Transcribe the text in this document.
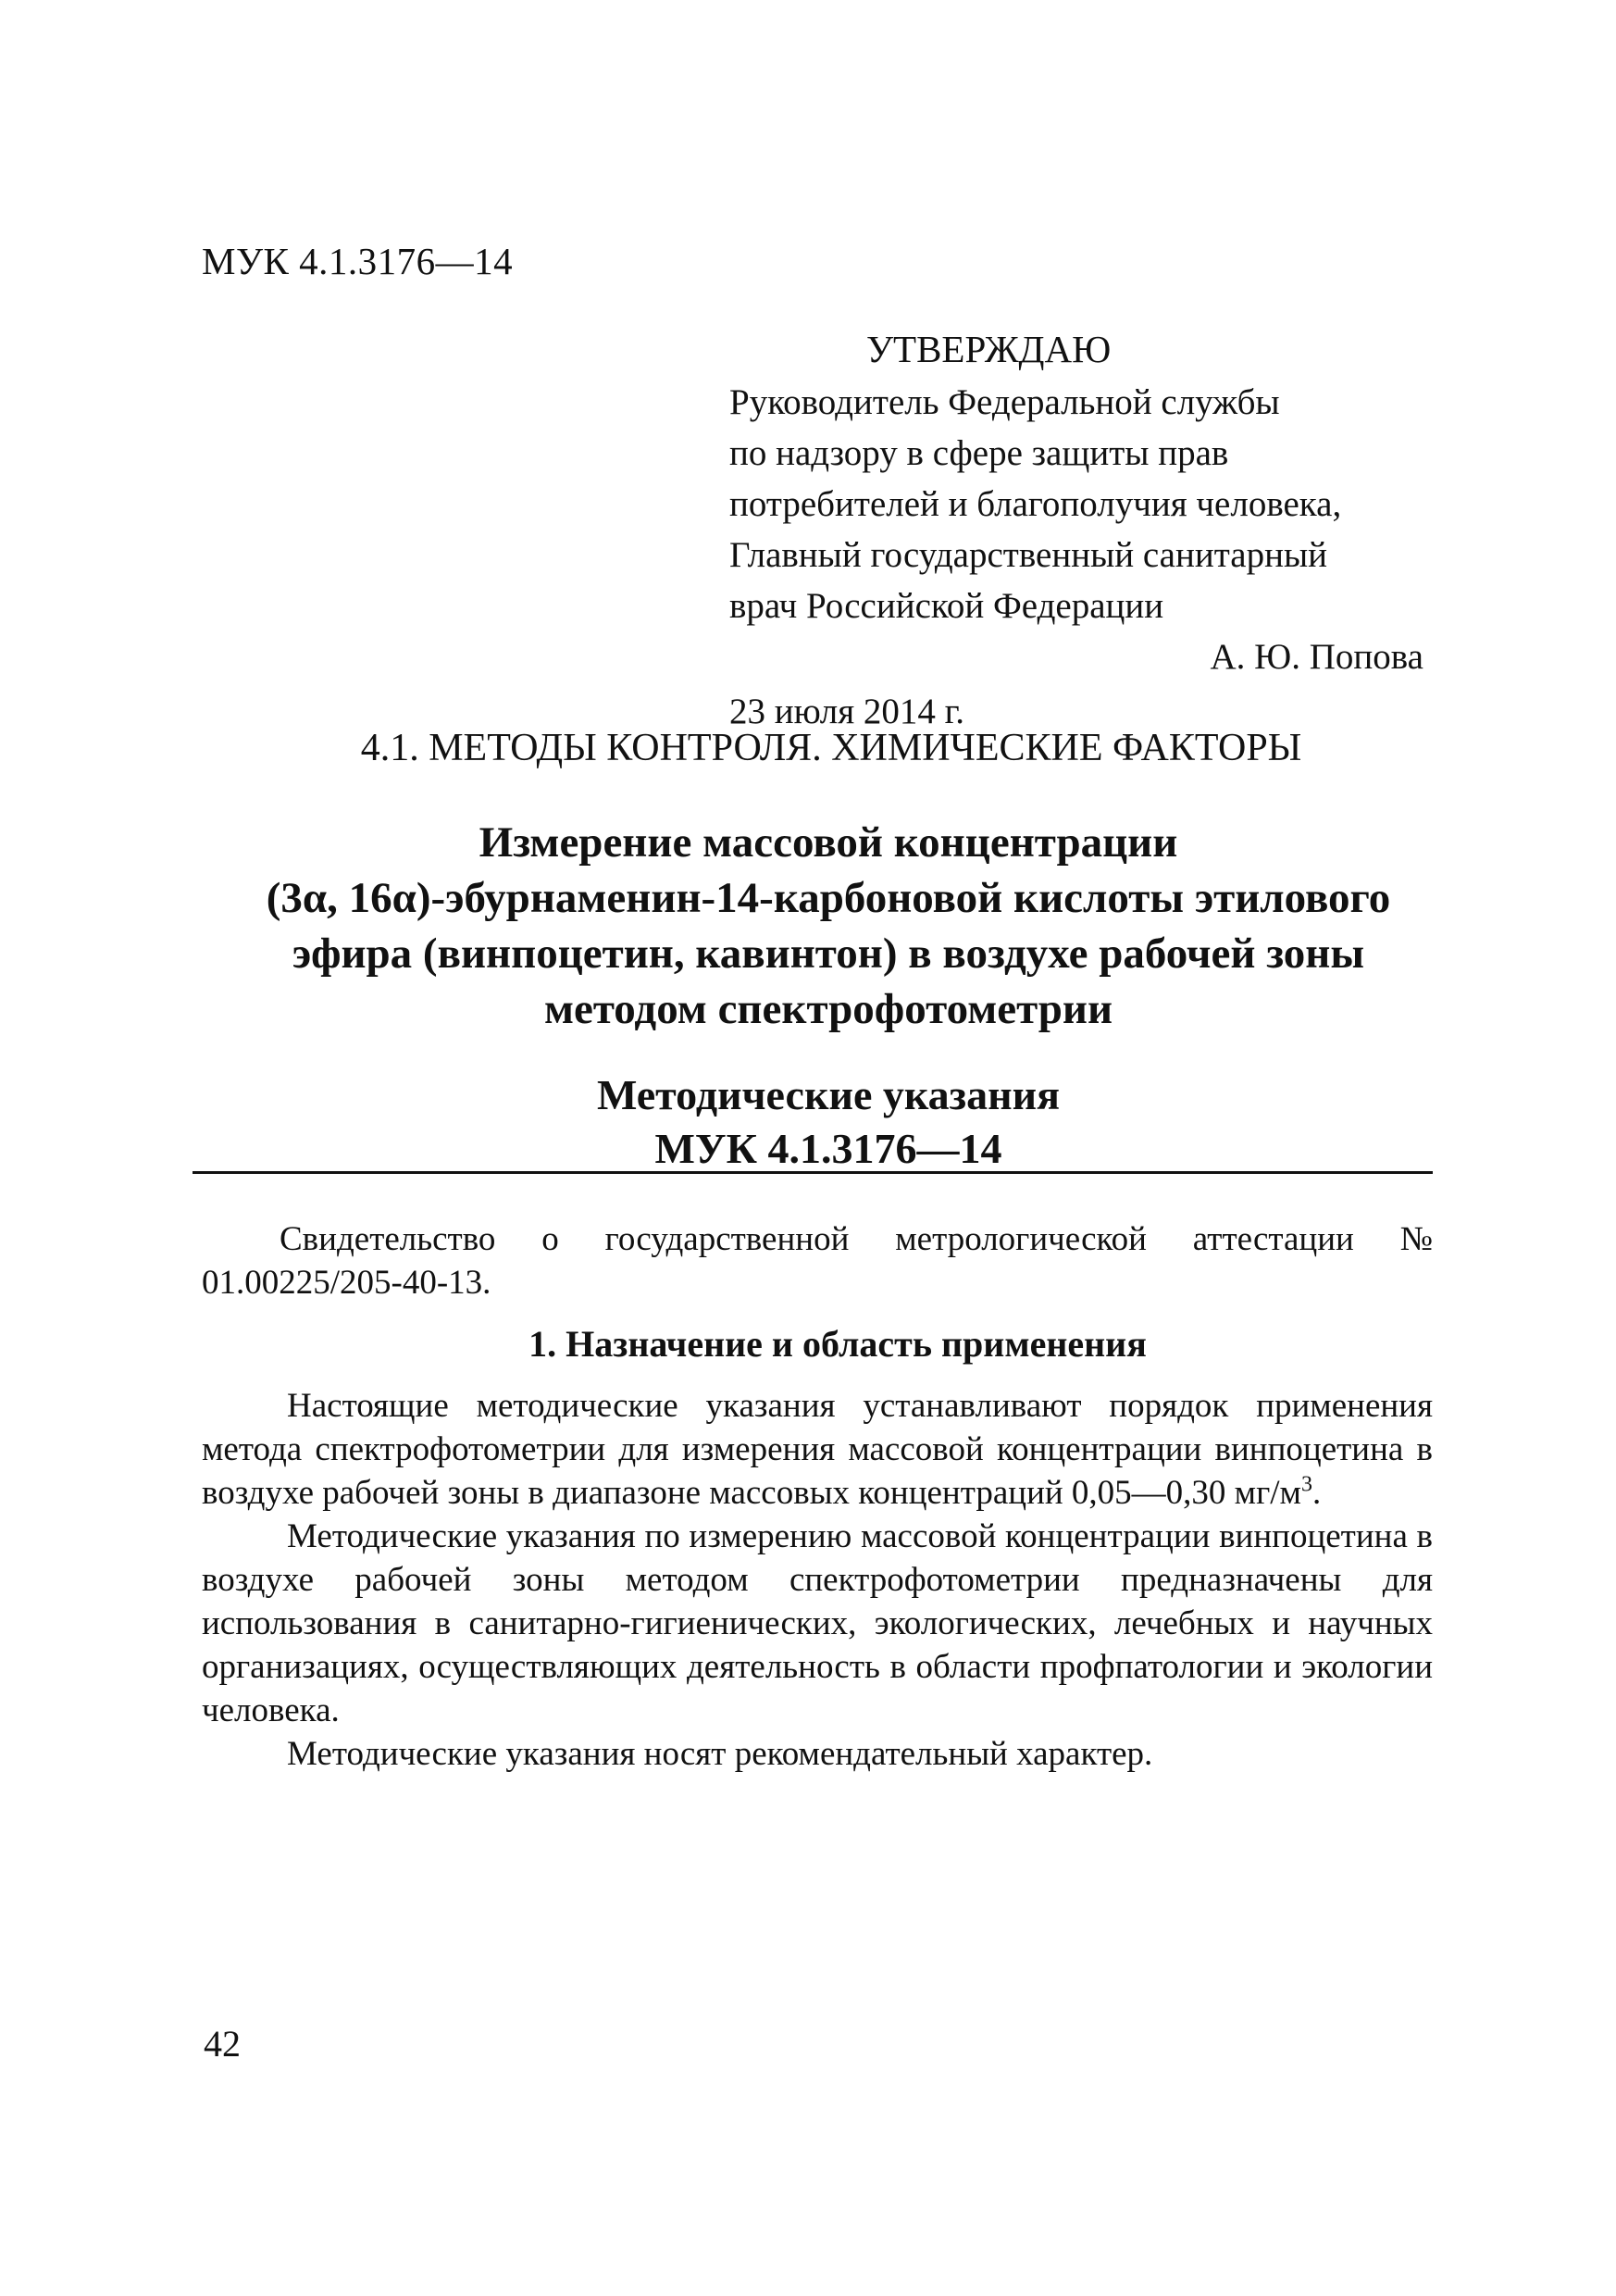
МУК 4.1.3176—14
УТВЕРЖДАЮ
Руководитель Федеральной службы
по надзору в сфере защиты прав
потребителей и благополучия человека,
Главный государственный санитарный
врач Российской Федерации
А. Ю. Попова
23 июля 2014 г.
4.1. МЕТОДЫ КОНТРОЛЯ. ХИМИЧЕСКИЕ ФАКТОРЫ
Измерение массовой концентрации
(3α, 16α)-эбурнаменин-14-карбоновой кислоты этилового
эфира (винпоцетин, кавинтон) в воздухе рабочей зоны
методом спектрофотометрии
Методические указания
МУК 4.1.3176—14
Свидетельство о государственной метрологической аттестации № 01.00225/205-40-13.
1. Назначение и область применения

Настоящие методические указания устанавливают порядок применения метода спектрофотометрии для измерения массовой концентрации винпоцетина в воздухе рабочей зоны в диапазоне массовых концентраций 0,05—0,30 $мг/м^3$.

Методические указания по измерению массовой концентрации винпоцетина в воздухе рабочей зоны методом спектрофотометрии предназначены для использования в санитарно-гигиенических, экологических, лечебных и научных организациях, осуществляющих деятельность в области профпатологии и экологии человека.

Методические указания носят рекомендательный характер.

42
